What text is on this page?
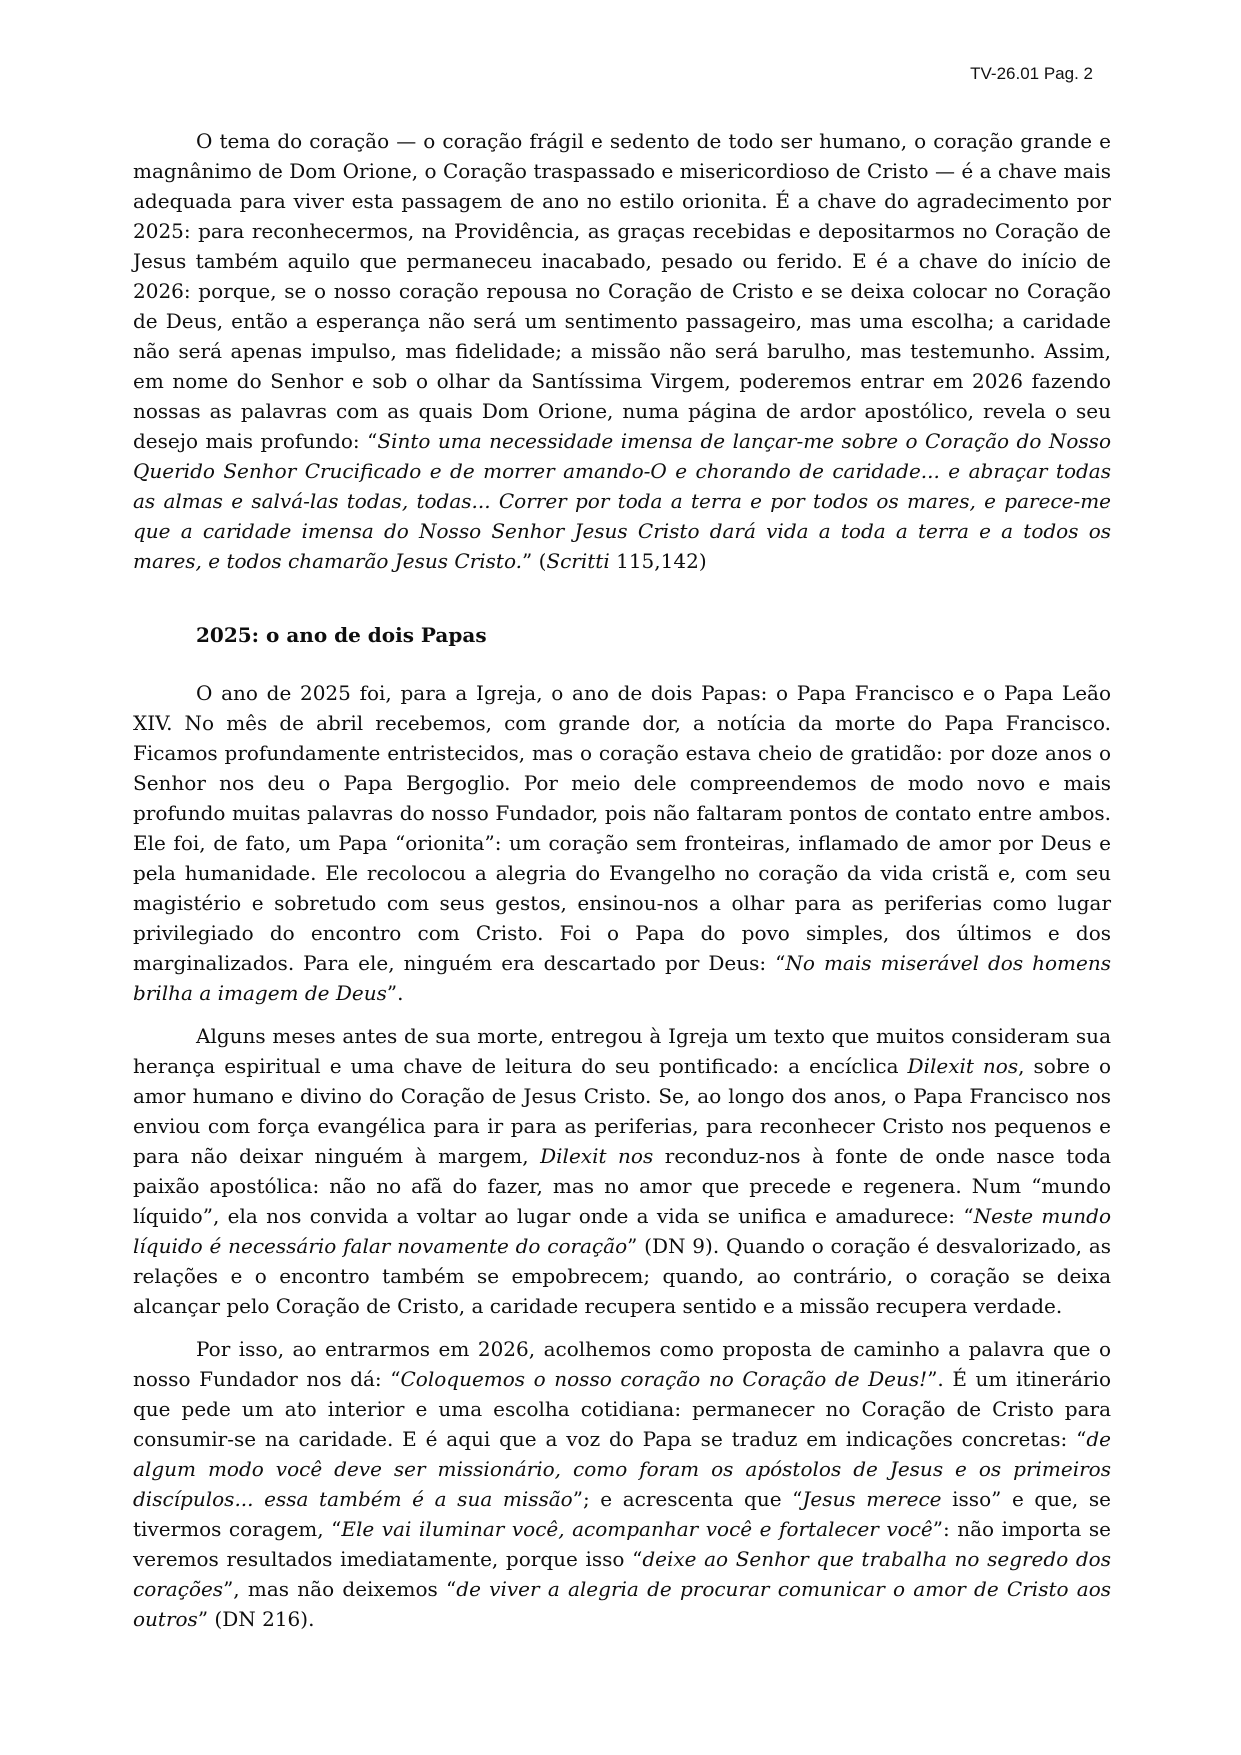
TV-26.01 Pag. 2

O tema do coração — o coração frágil e sedento de todo ser humano, o coração grande e magnânimo de Dom Orione, o Coração traspassado e misericordioso de Cristo — é a chave mais adequada para viver esta passagem de ano no estilo orionita. É a chave do agradecimento por 2025: para reconhecermos, na Providência, as graças recebidas e depositarmos no Coração de Jesus também aquilo que permaneceu inacabado, pesado ou ferido. E é a chave do início de 2026: porque, se o nosso coração repousa no Coração de Cristo e se deixa colocar no Coração de Deus, então a esperança não será um sentimento passageiro, mas uma escolha; a caridade não será apenas impulso, mas fidelidade; a missão não será barulho, mas testemunho. Assim, em nome do Senhor e sob o olhar da Santíssima Virgem, poderemos entrar em 2026 fazendo nossas as palavras com as quais Dom Orione, numa página de ardor apostólico, revela o seu desejo mais profundo: “Sinto uma necessidade imensa de lançar-me sobre o Coração do Nosso Querido Senhor Crucificado e de morrer amando-O e chorando de caridade... e abraçar todas as almas e salvá-las todas, todas... Correr por toda a terra e por todos os mares, e parece-me que a caridade imensa do Nosso Senhor Jesus Cristo dará vida a toda a terra e a todos os mares, e todos chamarão Jesus Cristo.” (Scritti 115,142)

2025: o ano de dois Papas

O ano de 2025 foi, para a Igreja, o ano de dois Papas: o Papa Francisco e o Papa Leão XIV. No mês de abril recebemos, com grande dor, a notícia da morte do Papa Francisco. Ficamos profundamente entristecidos, mas o coração estava cheio de gratidão: por doze anos o Senhor nos deu o Papa Bergoglio. Por meio dele compreendemos de modo novo e mais profundo muitas palavras do nosso Fundador, pois não faltaram pontos de contato entre ambos. Ele foi, de fato, um Papa “orionita”: um coração sem fronteiras, inflamado de amor por Deus e pela humanidade. Ele recolocou a alegria do Evangelho no coração da vida cristã e, com seu magistério e sobretudo com seus gestos, ensinou-nos a olhar para as periferias como lugar privilegiado do encontro com Cristo. Foi o Papa do povo simples, dos últimos e dos marginalizados. Para ele, ninguém era descartado por Deus: “No mais miserável dos homens brilha a imagem de Deus”.

Alguns meses antes de sua morte, entregou à Igreja um texto que muitos consideram sua herança espiritual e uma chave de leitura do seu pontificado: a encíclica Dilexit nos, sobre o amor humano e divino do Coração de Jesus Cristo. Se, ao longo dos anos, o Papa Francisco nos enviou com força evangélica para ir para as periferias, para reconhecer Cristo nos pequenos e para não deixar ninguém à margem, Dilexit nos reconduz-nos à fonte de onde nasce toda paixão apostólica: não no afã do fazer, mas no amor que precede e regenera. Num “mundo líquido”, ela nos convida a voltar ao lugar onde a vida se unifica e amadurece: “Neste mundo líquido é necessário falar novamente do coração” (DN 9). Quando o coração é desvalorizado, as relações e o encontro também se empobrecem; quando, ao contrário, o coração se deixa alcançar pelo Coração de Cristo, a caridade recupera sentido e a missão recupera verdade.

Por isso, ao entrarmos em 2026, acolhemos como proposta de caminho a palavra que o nosso Fundador nos dá: “Coloquemos o nosso coração no Coração de Deus!”. É um itinerário que pede um ato interior e uma escolha cotidiana: permanecer no Coração de Cristo para consumir-se na caridade. E é aqui que a voz do Papa se traduz em indicações concretas: “de algum modo você deve ser missionário, como foram os apóstolos de Jesus e os primeiros discípulos... essa também é a sua missão”; e acrescenta que “Jesus merece isso” e que, se tivermos coragem, “Ele vai iluminar você, acompanhar você e fortalecer você”: não importa se veremos resultados imediatamente, porque isso “deixe ao Senhor que trabalha no segredo dos corações”, mas não deixemos “de viver a alegria de procurar comunicar o amor de Cristo aos outros” (DN 216).
